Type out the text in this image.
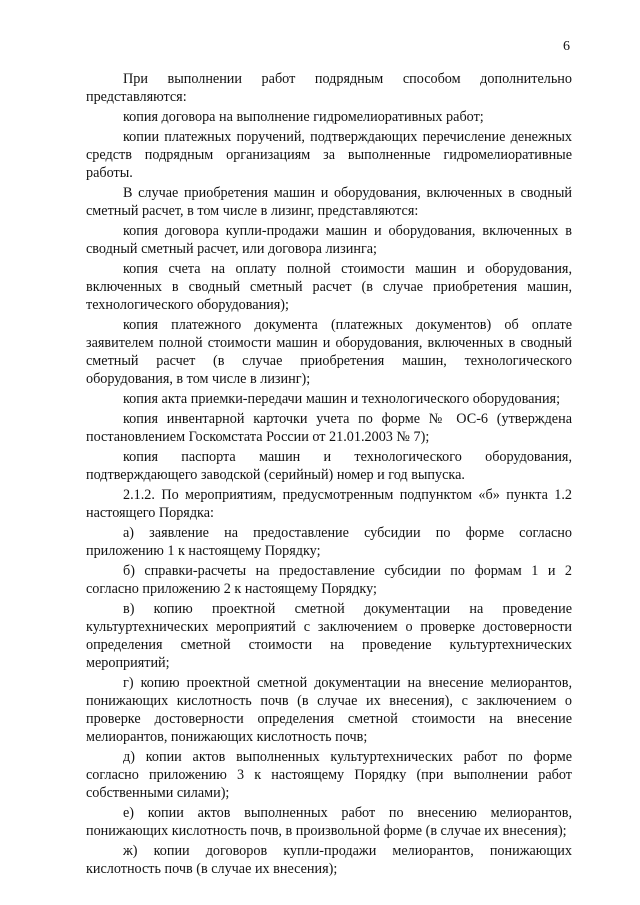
6

При выполнении работ подрядным способом дополнительно представляются:

копия договора на выполнение гидромелиоративных работ;

копии платежных поручений, подтверждающих перечисление денежных средств подрядным организациям за выполненные гидромелиоративные работы.

В случае приобретения машин и оборудования, включенных в сводный сметный расчет, в том числе в лизинг, представляются:

копия договора купли-продажи машин и оборудования, включенных в сводный сметный расчет, или договора лизинга;

копия счета на оплату полной стоимости машин и оборудования, включенных в сводный сметный расчет (в случае приобретения машин, технологического оборудования);

копия платежного документа (платежных документов) об оплате заявителем полной стоимости машин и оборудования, включенных в сводный сметный расчет (в случае приобретения машин, технологического оборудования, в том числе в лизинг);

копия акта приемки-передачи машин и технологического оборудования;

копия инвентарной карточки учета по форме № ОС-6 (утверждена постановлением Госкомстата России от 21.01.2003 № 7);

копия паспорта машин и технологического оборудования, подтверждающего заводской (серийный) номер и год выпуска.

2.1.2. По мероприятиям, предусмотренным подпунктом «б» пункта 1.2 настоящего Порядка:

а) заявление на предоставление субсидии по форме согласно приложению 1 к настоящему Порядку;

б) справки-расчеты на предоставление субсидии по формам 1 и 2 согласно приложению 2 к настоящему Порядку;

в) копию проектной сметной документации на проведение культуртехнических мероприятий с заключением о проверке достоверности определения сметной стоимости на проведение культуртехнических мероприятий;

г) копию проектной сметной документации на внесение мелиорантов, понижающих кислотность почв (в случае их внесения), с заключением о проверке достоверности определения сметной стоимости на внесение мелиорантов, понижающих кислотность почв;

д) копии актов выполненных культуртехнических работ по форме согласно приложению 3 к настоящему Порядку (при выполнении работ собственными силами);

е) копии актов выполненных работ по внесению мелиорантов, понижающих кислотность почв, в произвольной форме (в случае их внесения);

ж) копии договоров купли-продажи мелиорантов, понижающих кислотность почв (в случае их внесения);
